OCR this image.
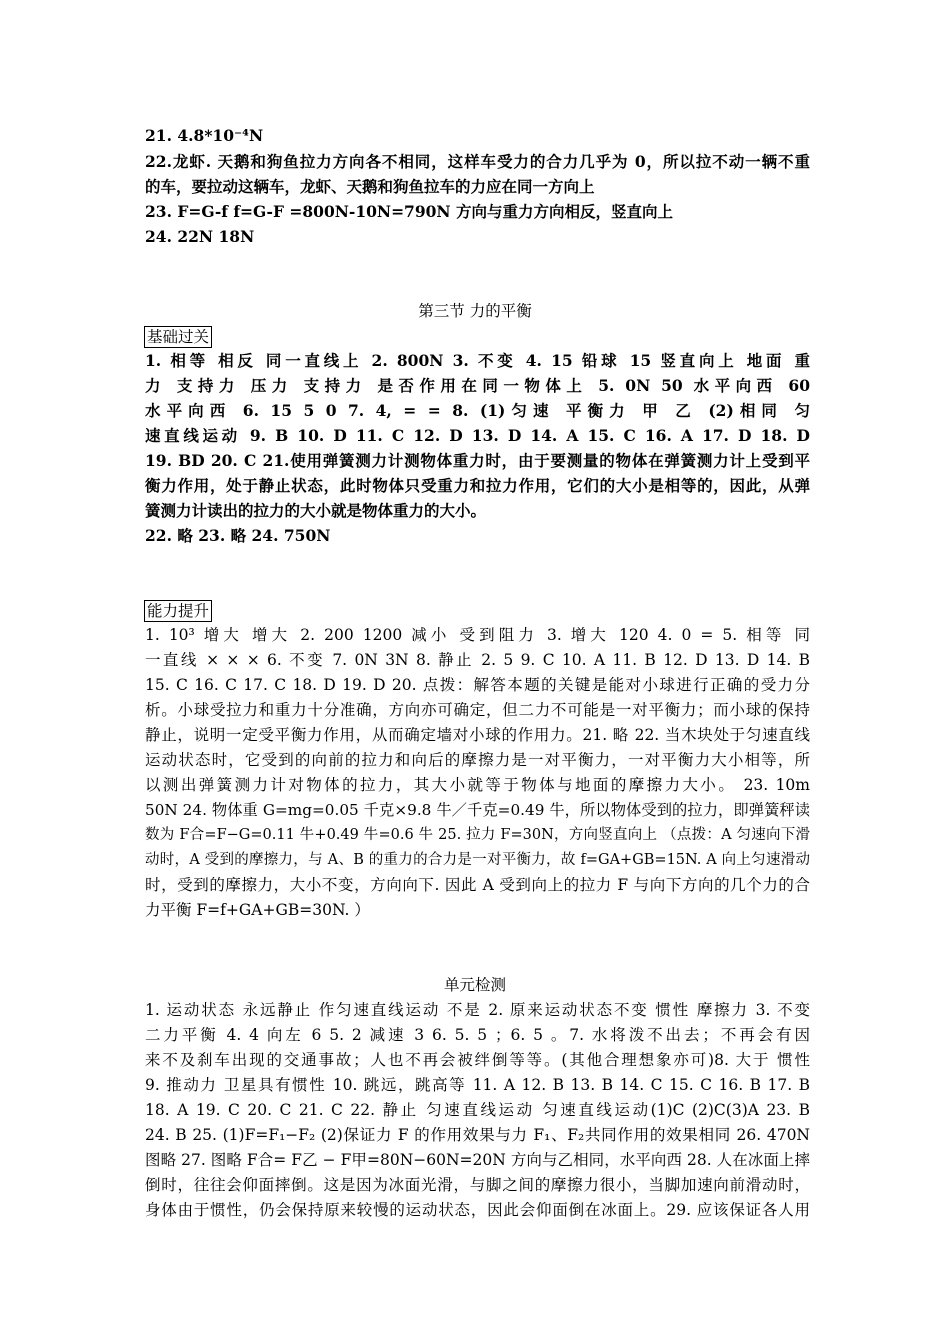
21. 4.8*10⁻⁴N
22.龙虾. 天鹅和狗鱼拉力方向各不相同，这样车受力的合力几乎为 0，所以拉不动一辆不重
的车，要拉动这辆车，龙虾、天鹅和狗鱼拉车的力应在同一方向上
23. F=G-f f=G-F =800N-10N=790N 方向与重力方向相反，竖直向上
24. 22N 18N
第三节 力的平衡
基础过关
1. 相等 相反 同一直线上 2. 800N 3. 不变 4. 15 铅球 15 竖直向上 地面 重
力 支持力 压力 支持力 是否作用在同一物体上 5. 0N 50 水平向西 60
水平向西 6. 15 5 0 7. 4, = = 8. (1)匀速 平衡力 甲 乙 (2)相同 匀
速直线运动 9. B 10. D 11. C 12. D 13. D 14. A 15. C 16. A 17. D 18. D
19. BD 20. C 21.使用弹簧测力计测物体重力时，由于要测量的物体在弹簧测力计上受到平
衡力作用，处于静止状态，此时物体只受重力和拉力作用，它们的大小是相等的，因此，从弹
簧测力计读出的拉力的大小就是物体重力的大小。
22. 略 23. 略 24. 750N
能力提升
1. 10³ 增大 增大 2. 200 1200 减小 受到阻力 3. 增大 120 4. 0 = 5. 相等 同
一直线 × × × 6. 不变 7. 0N 3N 8. 静止 2. 5 9. C 10. A 11. B 12. D 13. D 14. B
15. C 16. C 17. C 18. D 19. D 20. 点拨：解答本题的关键是能对小球进行正确的受力分
析。小球受拉力和重力十分准确，方向亦可确定，但二力不可能是一对平衡力；而小球的保持
静止，说明一定受平衡力作用，从而确定墙对小球的作用力。21. 略 22. 当木块处于匀速直线
运动状态时，它受到的向前的拉力和向后的摩擦力是一对平衡力，一对平衡力大小相等，所
以测出弹簧测力计对物体的拉力，其大小就等于物体与地面的摩擦力大小。 23. 10m
50N 24. 物体重 G=mg=0.05 千克×9.8 牛／千克=0.49 牛，所以物体受到的拉力，即弹簧秤读
数为 F合=F−G=0.11 牛+0.49 牛=0.6 牛 25. 拉力 F=30N，方向竖直向上 （点拨：A 匀速向下滑
动时，A 受到的摩擦力，与 A、B 的重力的合力是一对平衡力，故 f=GA+GB=15N. A 向上匀速滑动
时，受到的摩擦力，大小不变，方向向下. 因此 A 受到向上的拉力 F 与向下方向的几个力的合
力平衡 F=f+GA+GB=30N. ）
单元检测
1. 运动状态 永远静止 作匀速直线运动 不是 2. 原来运动状态不变 惯性 摩擦力 3. 不变
二力平衡 4. 4 向左 6 5. 2 减速 3 6. 5. 5 ；6. 5 。7. 水将泼不出去；不再会有因
来不及刹车出现的交通事故；人也不再会被绊倒等等。(其他合理想象亦可)8. 大于 惯性
9. 推动力 卫星具有惯性 10. 跳远，跳高等 11. A 12. B 13. B 14. C 15. C 16. B 17. B
18. A 19. C 20. C 21. C 22. 静止 匀速直线运动 匀速直线运动(1)C (2)C(3)A 23. B
24. B 25. (1)F=F₁−F₂ (2)保证力 F 的作用效果与力 F₁、F₂共同作用的效果相同 26. 470N
图略 27. 图略 F合= F乙 − F甲=80N−60N=20N 方向与乙相同，水平向西 28. 人在冰面上摔
倒时，往往会仰面摔倒。这是因为冰面光滑，与脚之间的摩擦力很小，当脚加速向前滑动时，
身体由于惯性，仍会保持原来较慢的运动状态，因此会仰面倒在冰面上。29. 应该保证各人用
